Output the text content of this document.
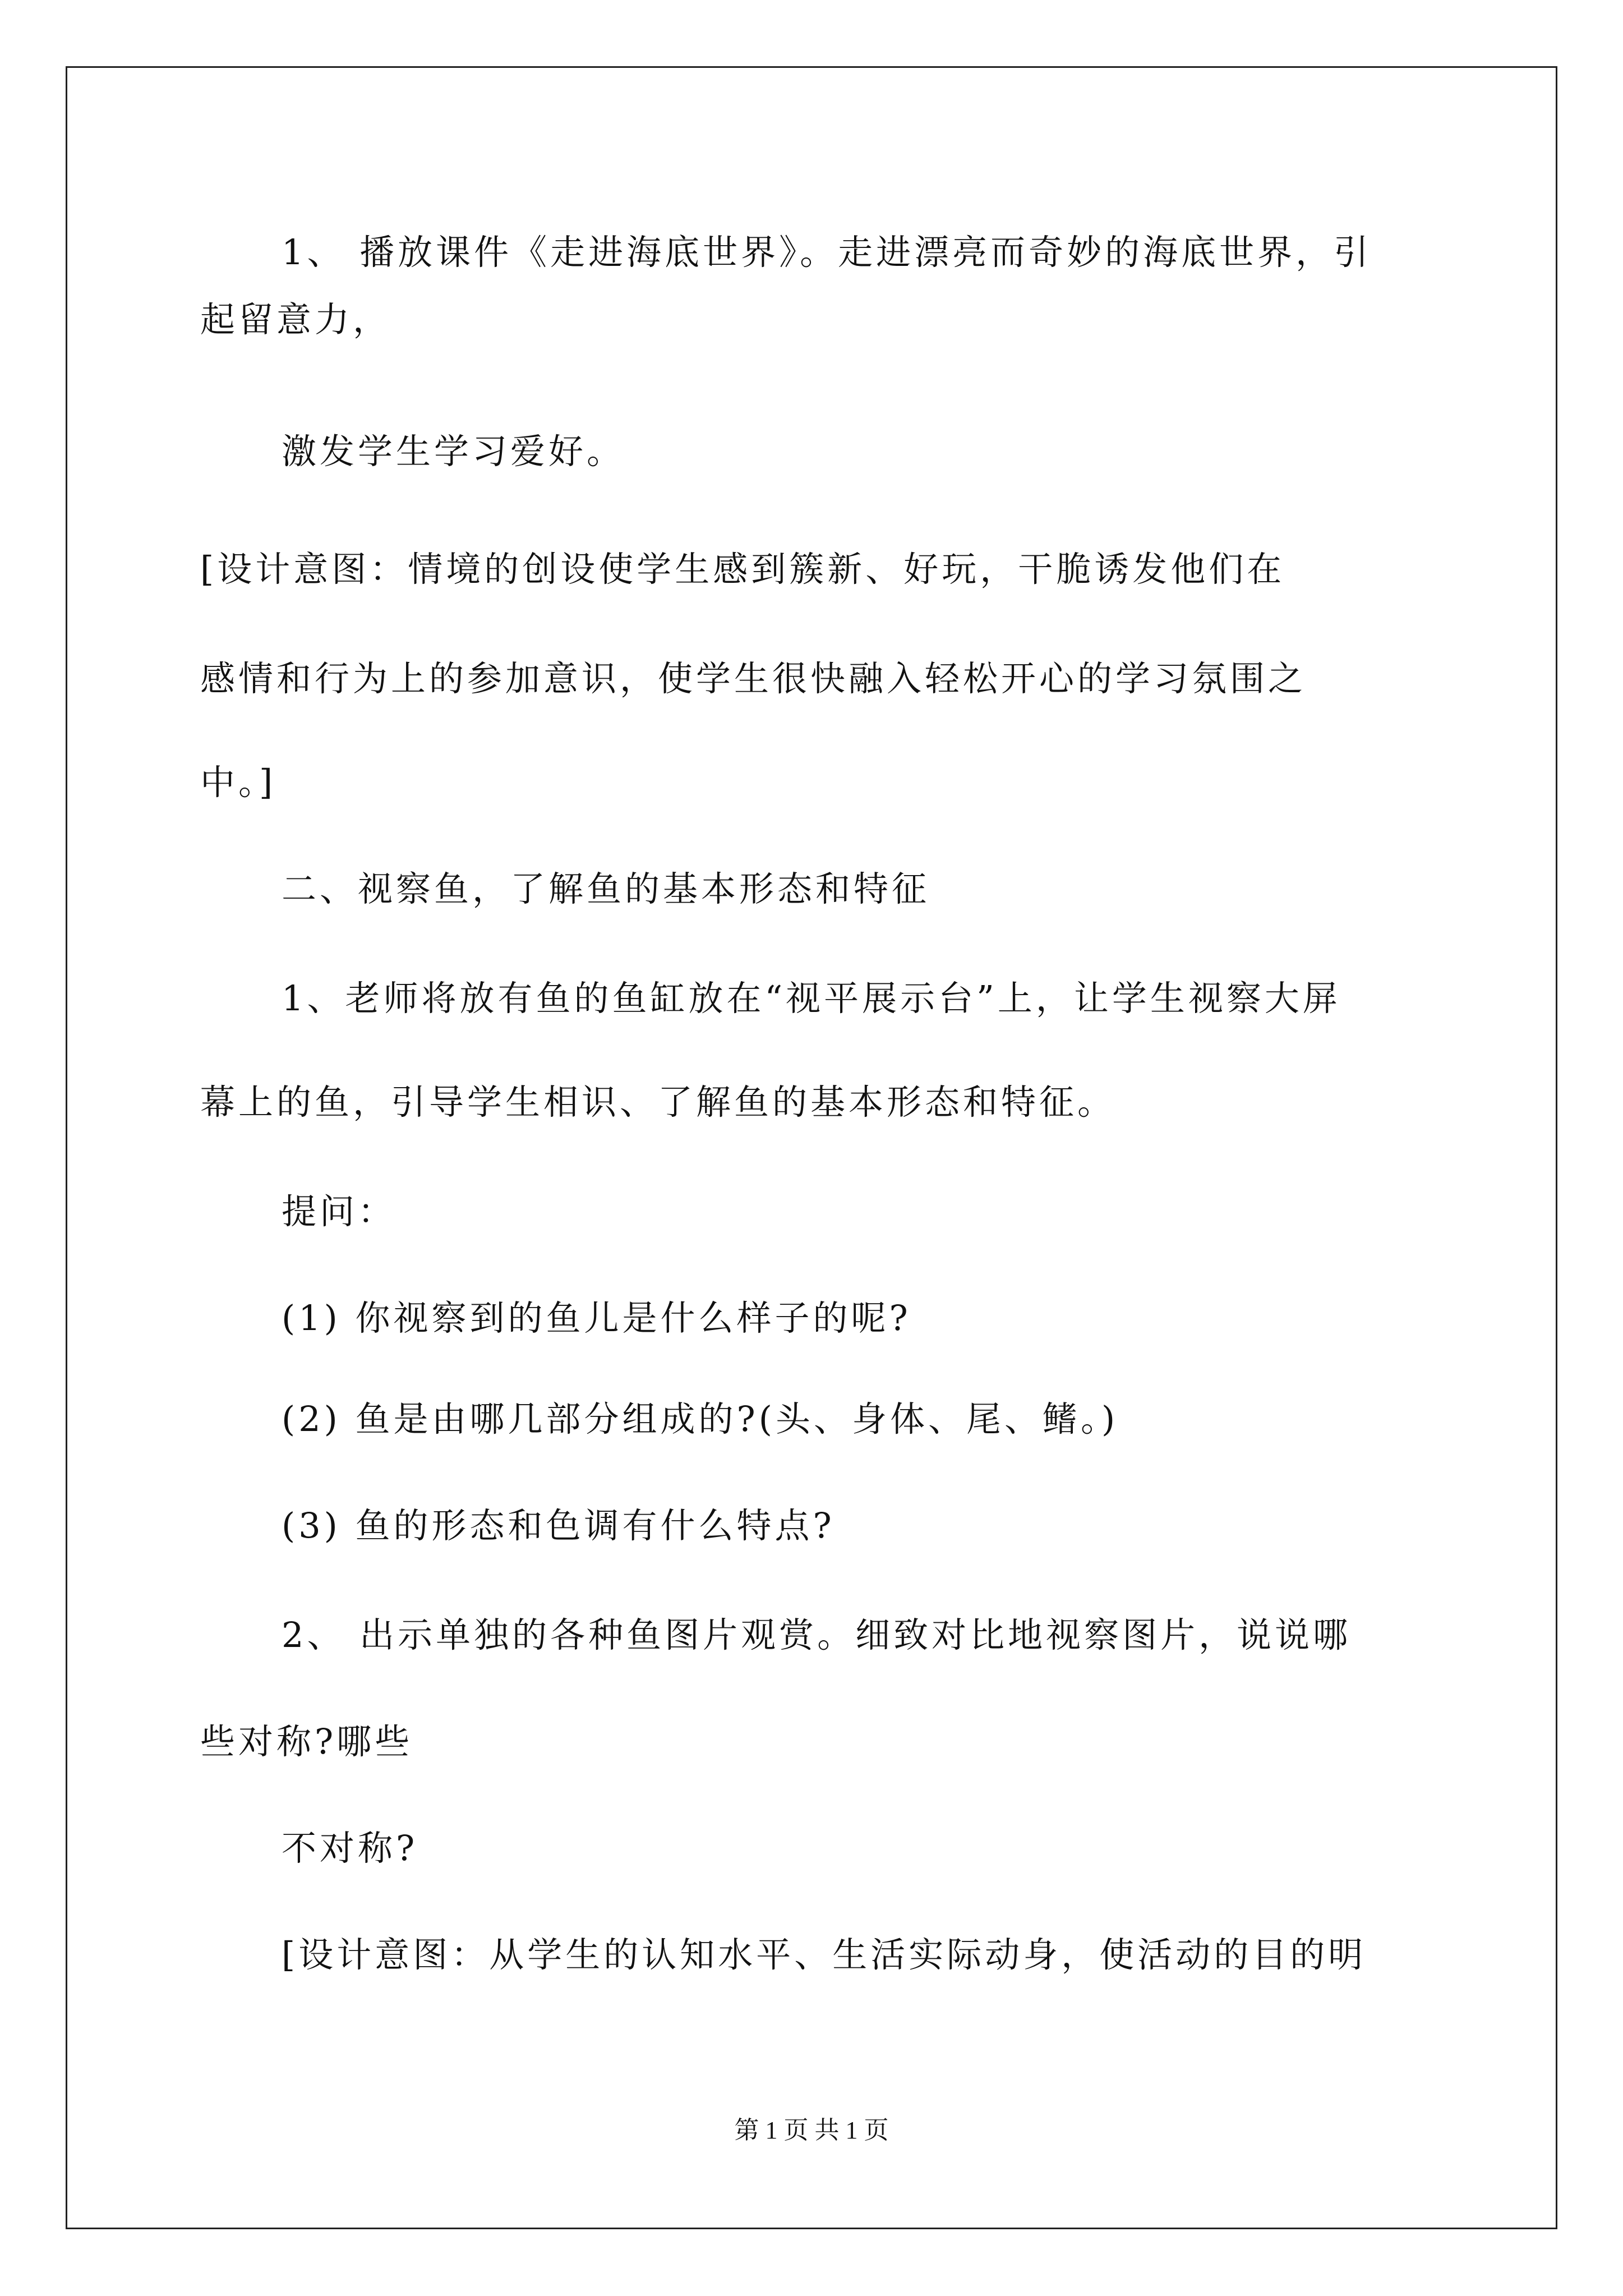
1、 播放课件《走进海底世界》。走进漂亮而奇妙的海底世界，引
起留意力，
激发学生学习爱好。
[设计意图：情境的创设使学生感到簇新、好玩，干脆诱发他们在
感情和行为上的参加意识，使学生很快融入轻松开心的学习氛围之
中。]
二、视察鱼，了解鱼的基本形态和特征
1、老师将放有鱼的鱼缸放在“视平展示台”上，让学生视察大屏
幕上的鱼，引导学生相识、了解鱼的基本形态和特征。
提问：
(1) 你视察到的鱼儿是什么样子的呢?
(2) 鱼是由哪几部分组成的?(头、身体、尾、鳍。)
(3) 鱼的形态和色调有什么特点?
2、 出示单独的各种鱼图片观赏。细致对比地视察图片，说说哪
些对称?哪些
不对称?
[设计意图：从学生的认知水平、生活实际动身，使活动的目的明
第 1 页 共 1 页
